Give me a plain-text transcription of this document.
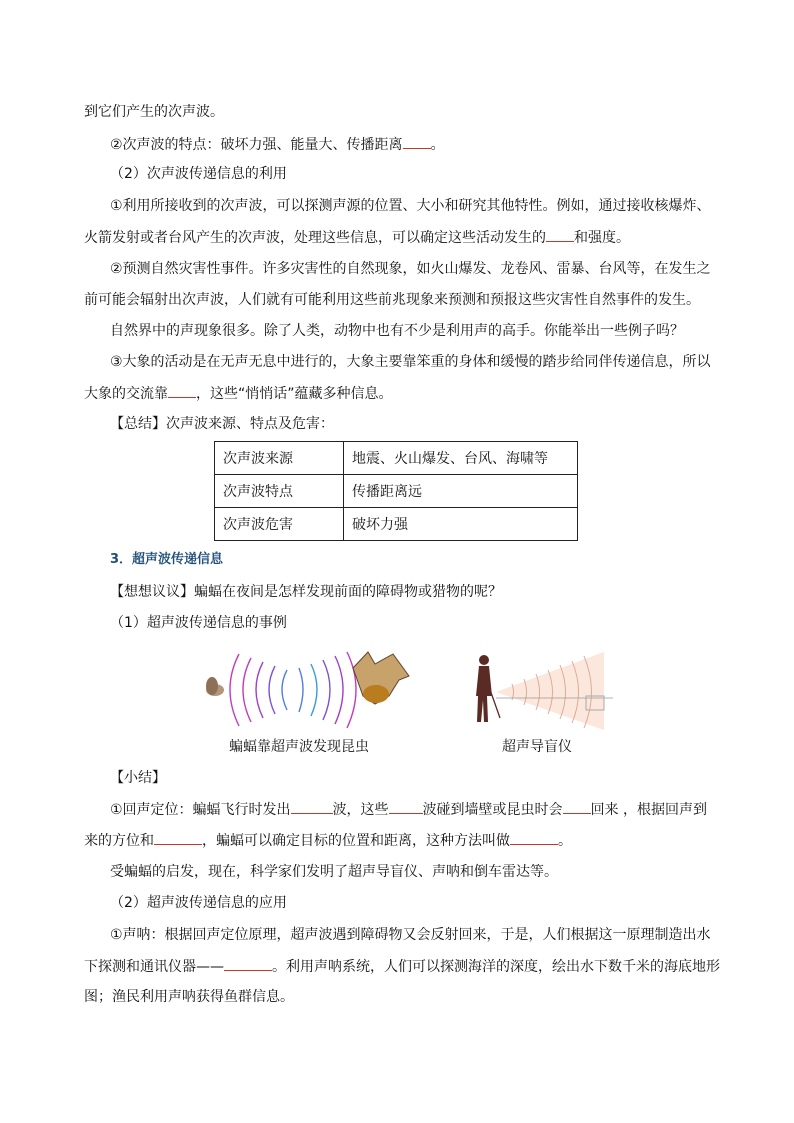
到它们产生的次声波。
②次声波的特点：破坏力强、能量大、传播距离 。
（2）次声波传递信息的利用
①利用所接收到的次声波，可以探测声源的位置、大小和研究其他特性。例如，通过接收核爆炸、
火箭发射或者台风产生的次声波，处理这些信息，可以确定这些活动发生的 和强度。
②预测自然灾害性事件。许多灾害性的自然现象，如火山爆发、龙卷风、雷暴、台风等，在发生之
前可能会辐射出次声波，人们就有可能利用这些前兆现象来预测和预报这些灾害性自然事件的发生。
自然界中的声现象很多。除了人类，动物中也有不少是利用声的高手。你能举出一些例子吗？
③大象的活动是在无声无息中进行的，大象主要靠笨重的身体和缓慢的踏步给同伴传递信息，所以
大象的交流靠 ，这些“悄悄话”蕴藏多种信息。
【总结】次声波来源、特点及危害：
次声波来源	地震、火山爆发、台风、海啸等
次声波特点	传播距离远
次声波危害	破坏力强
3．超声波传递信息
【想想议议】蝙蝠在夜间是怎样发现前面的障碍物或猎物的呢？
（1）超声波传递信息的事例
蝙蝠靠超声波发现昆虫	超声导盲仪
【小结】
①回声定位：蝙蝠飞行时发出	波，这些 波碰到墙壁或昆虫时会 回来 ，根据回声到
来的方位和	，蝙蝠可以确定目标的位置和距离，这种方法叫做	。
受蝙蝠的启发，现在，科学家们发明了超声导盲仪、声呐和倒车雷达等。
（2）超声波传递信息的应用
①声呐：根据回声定位原理，超声波遇到障碍物又会反射回来，于是，人们根据这一原理制造出水
下探测和通讯仪器——	。利用声呐系统，人们可以探测海洋的深度，绘出水下数千米的海底地形
图；渔民利用声呐获得鱼群信息。
